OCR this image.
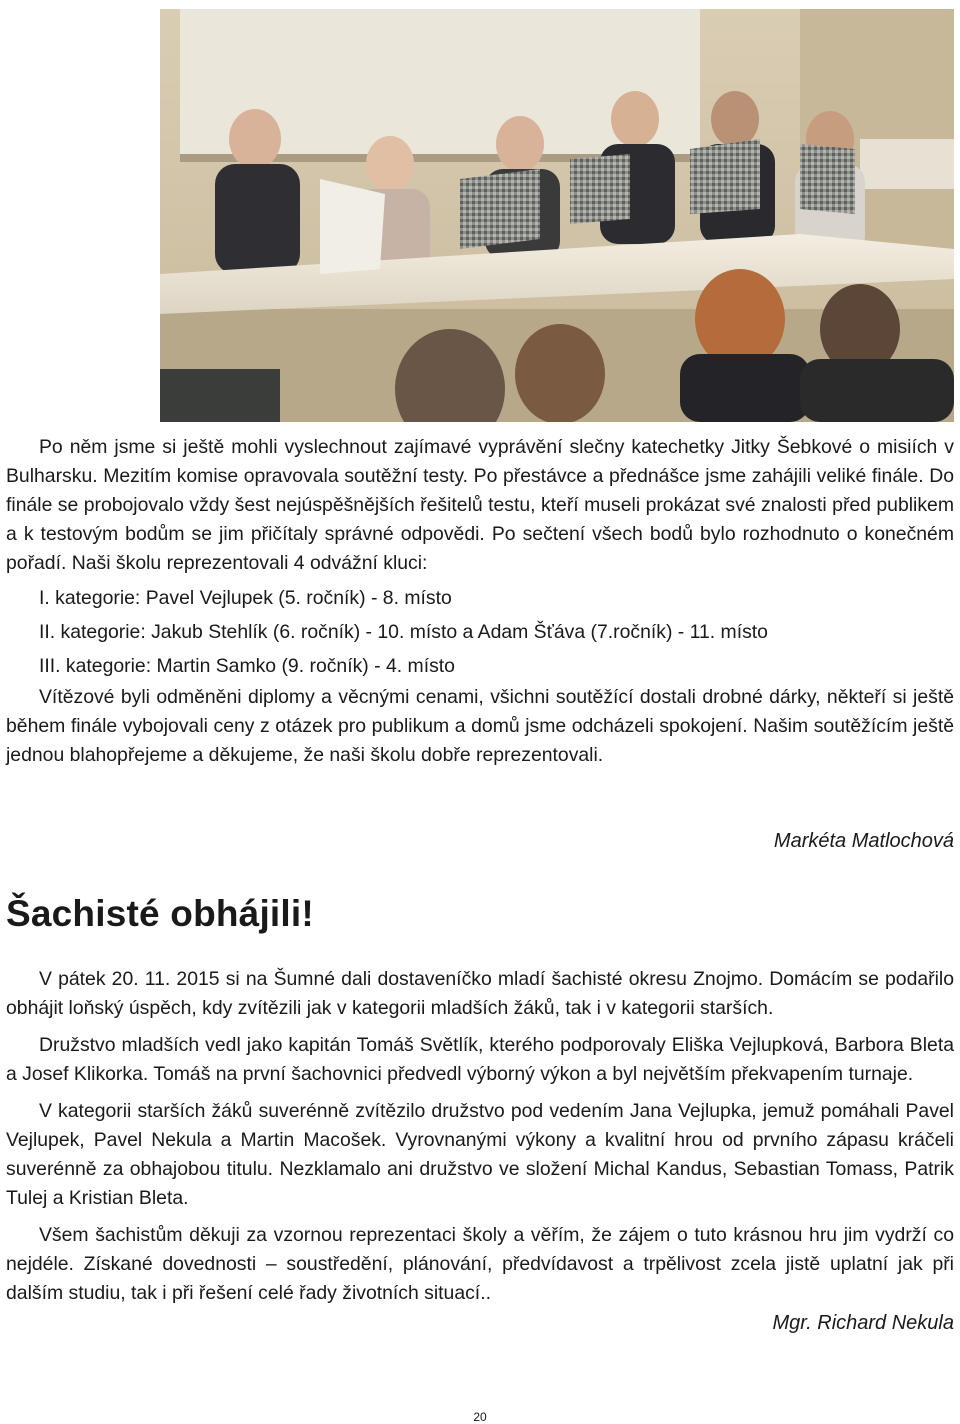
Po něm jsme si ještě mohli vyslechnout zajímavé vyprávění slečny katechetky Jitky Šebkové o misiích v Bulharsku. Mezitím komise opravovala soutěžní testy. Po přestávce a přednášce jsme zahájili veliké finále. Do finále se probojovalo vždy šest nejúspěšnějších řešitelů testu, kteří museli prokázat své znalosti před publikem a k testovým bodům se jim přičítaly správné odpovědi. Po sečtení všech bodů bylo rozhodnuto o konečném pořadí. Naši školu reprezentovali 4 odvážní kluci:

I. kategorie: Pavel Vejlupek (5. ročník) - 8. místo

II. kategorie: Jakub Stehlík (6. ročník) - 10. místo a Adam Šťáva (7.ročník) - 11. místo

III. kategorie: Martin Samko (9. ročník) - 4. místo

Vítězové byli odměněni diplomy a věcnými cenami, všichni soutěžící dostali drobné dárky, někteří si ještě během finále vybojovali ceny z otázek pro publikum a domů jsme odcházeli spokojení. Našim soutěžícím ještě jednou blahopřejeme a děkujeme, že naši školu dobře reprezentovali.

Markéta Matlochová
Šachisté obhájili!

V pátek 20. 11. 2015 si na Šumné dali dostaveníčko mladí šachisté okresu Znojmo. Domácím se podařilo obhájit loňský úspěch, kdy zvítězili jak v kategorii mladších žáků, tak i v kategorii starších.

Družstvo mladších vedl jako kapitán Tomáš Světlík, kterého podporovaly Eliška Vejlupková, Barbora Bleta a Josef Klikorka. Tomáš na první šachovnici předvedl výborný výkon a byl největším překvapením turnaje.

V kategorii starších žáků suverénně zvítězilo družstvo pod vedením Jana Vejlupka, jemuž pomáhali Pavel Vejlupek, Pavel Nekula a Martin Macošek. Vyrovnanými výkony a kvalitní hrou od prvního zápasu kráčeli suverénně za obhajobou titulu. Nezklamalo ani družstvo ve složení Michal Kandus, Sebastian Tomass, Patrik Tulej a Kristian Bleta.

Všem šachistům děkuji za vzornou reprezentaci školy a věřím, že zájem o tuto krásnou hru jim vydrží co nejdéle. Získané dovednosti – soustředění, plánování, předvídavost a trpělivost zcela jistě uplatní jak při dalším studiu, tak i při řešení celé řady životních situací..

Mgr. Richard Nekula

20
